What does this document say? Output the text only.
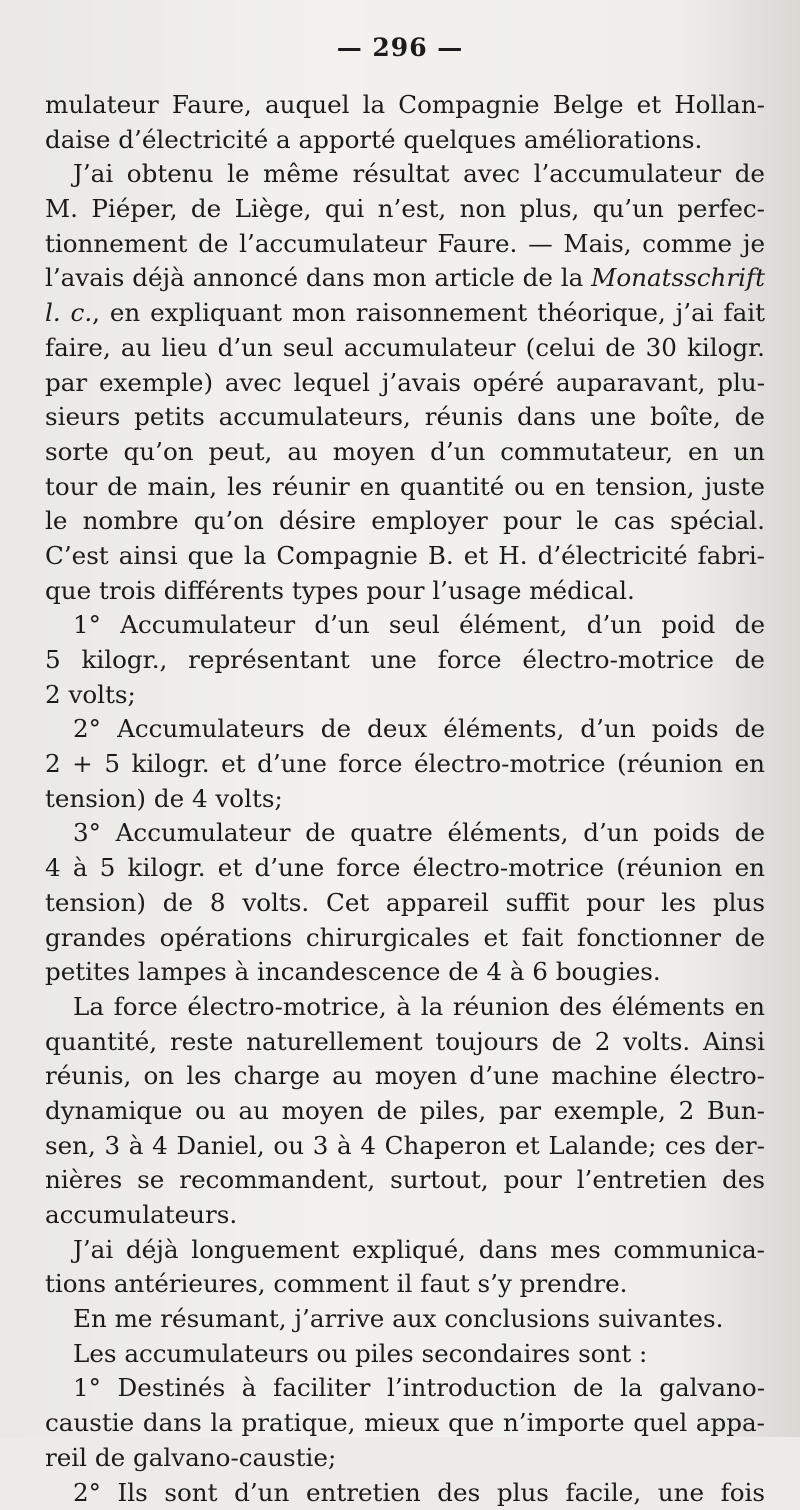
— 296 —
mulateur Faure, auquel la Compagnie Belge et Hollan-
daise d’électricité a apporté quelques améliorations.
J’ai obtenu le même résultat avec l’accumulateur de
M. Piéper, de Liège, qui n’est, non plus, qu’un perfec-
tionnement de l’accumulateur Faure. — Mais, comme je
l’avais déjà annoncé dans mon article de la Monatsschrift
l. c., en expliquant mon raisonnement théorique, j’ai fait
faire, au lieu d’un seul accumulateur (celui de 30 kilogr.
par exemple) avec lequel j’avais opéré auparavant, plu-
sieurs petits accumulateurs, réunis dans une boîte, de
sorte qu’on peut, au moyen d’un commutateur, en un
tour de main, les réunir en quantité ou en tension, juste
le nombre qu’on désire employer pour le cas spécial.
C’est ainsi que la Compagnie B. et H. d’électricité fabri-
que trois différents types pour l’usage médical.
1° Accumulateur d’un seul élément, d’un poid de
5 kilogr., représentant une force électro-motrice de
2 volts;
2° Accumulateurs de deux éléments, d’un poids de
2 + 5 kilogr. et d’une force électro-motrice (réunion en
tension) de 4 volts;
3° Accumulateur de quatre éléments, d’un poids de
4 à 5 kilogr. et d’une force électro-motrice (réunion en
tension) de 8 volts. Cet appareil suffit pour les plus
grandes opérations chirurgicales et fait fonctionner de
petites lampes à incandescence de 4 à 6 bougies.
La force électro-motrice, à la réunion des éléments en
quantité, reste naturellement toujours de 2 volts. Ainsi
réunis, on les charge au moyen d’une machine électro-
dynamique ou au moyen de piles, par exemple, 2 Bun-
sen, 3 à 4 Daniel, ou 3 à 4 Chaperon et Lalande; ces der-
nières se recommandent, surtout, pour l’entretien des
accumulateurs.
J’ai déjà longuement expliqué, dans mes communica-
tions antérieures, comment il faut s’y prendre.
En me résumant, j’arrive aux conclusions suivantes.
Les accumulateurs ou piles secondaires sont :
1° Destinés à faciliter l’introduction de la galvano-
caustie dans la pratique, mieux que n’importe quel appa-
reil de galvano-caustie;
2° Ils sont d’un entretien des plus facile, une fois
